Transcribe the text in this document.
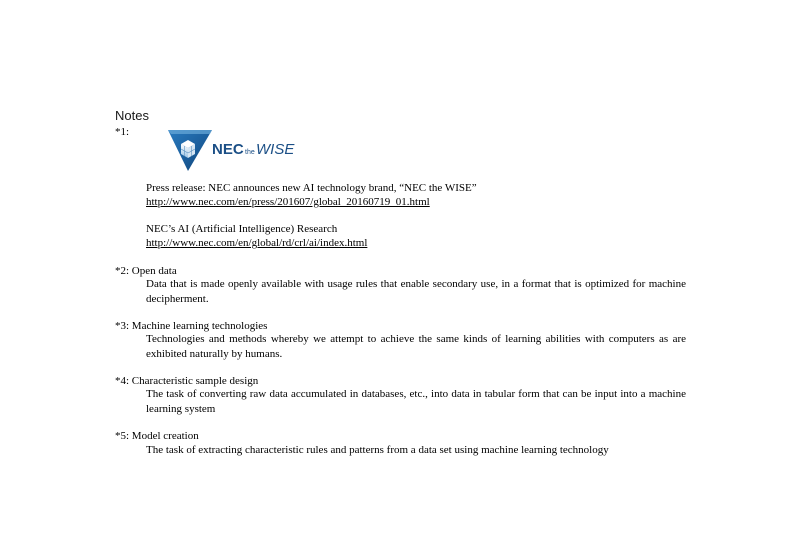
Notes
*1:
NEC the WISE
Press release: NEC announces new AI technology brand, “NEC the WISE”
http://www.nec.com/en/press/201607/global_20160719_01.html
NEC’s AI (Artificial Intelligence) Research
http://www.nec.com/en/global/rd/crl/ai/index.html
*2: Open data
Data that is made openly available with usage rules that enable secondary use, in a format that is optimized for machine decipherment.
*3: Machine learning technologies
Technologies and methods whereby we attempt to achieve the same kinds of learning abilities with computers as are exhibited naturally by humans.
*4: Characteristic sample design
The task of converting raw data accumulated in databases, etc., into data in tabular form that can be input into a machine learning system
*5: Model creation
The task of extracting characteristic rules and patterns from a data set using machine learning technology
